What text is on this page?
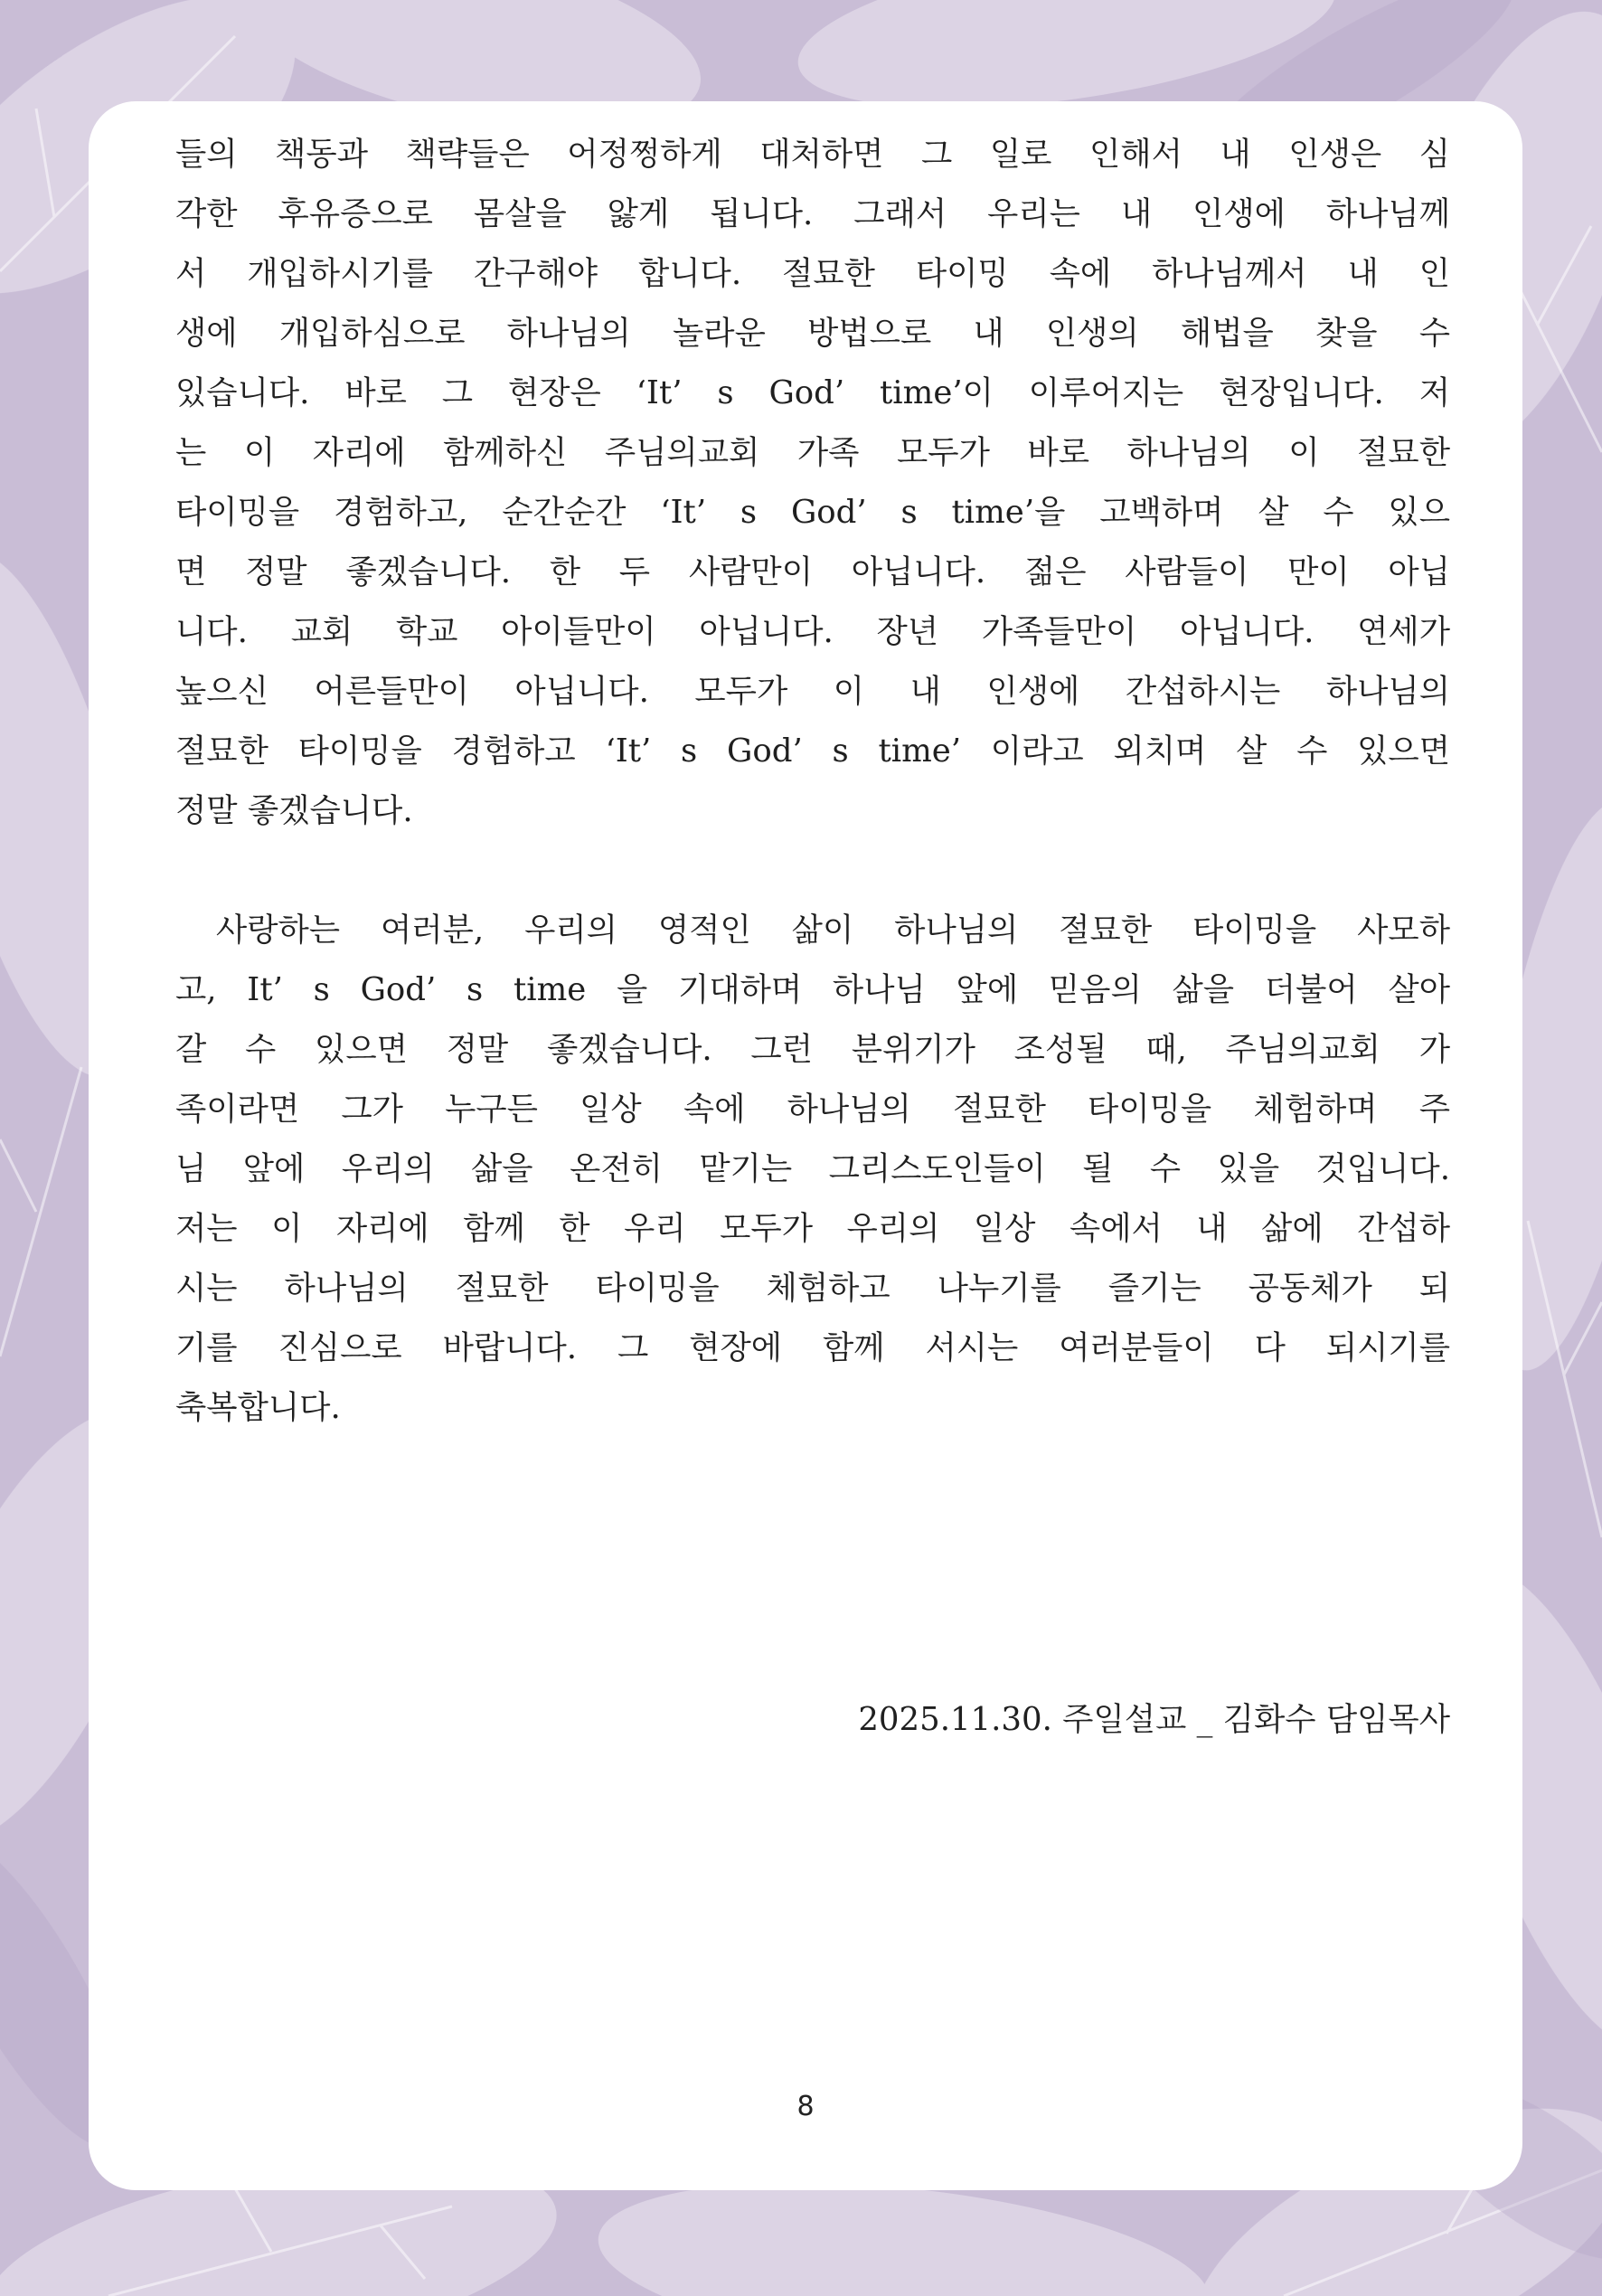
들의 책동과 책략들은 어정쩡하게 대처하면 그 일로 인해서 내 인생은 심
각한 후유증으로 몸살을 앓게 됩니다. 그래서 우리는 내 인생에 하나님께
서 개입하시기를 간구해야 합니다. 절묘한 타이밍 속에 하나님께서 내 인
생에 개입하심으로 하나님의 놀라운 방법으로 내 인생의 해법을 찾을 수
있습니다. 바로 그 현장은 ‘It’ s God’ time’이 이루어지는 현장입니다. 저
는 이 자리에 함께하신 주님의교회 가족 모두가 바로 하나님의 이 절묘한
타이밍을 경험하고, 순간순간 ‘It’ s God’ s time’을 고백하며 살 수 있으
면 정말 좋겠습니다. 한 두 사람만이 아닙니다. 젊은 사람들이 만이 아닙
니다. 교회 학교 아이들만이 아닙니다. 장년 가족들만이 아닙니다. 연세가
높으신 어른들만이 아닙니다. 모두가 이 내 인생에 간섭하시는 하나님의
절묘한 타이밍을 경험하고 ‘It’ s God’ s time’ 이라고 외치며 살 수 있으면
정말 좋겠습니다.
사랑하는 여러분, 우리의 영적인 삶이 하나님의 절묘한 타이밍을 사모하
고, It’ s God’ s time 을 기대하며 하나님 앞에 믿음의 삶을 더불어 살아
갈 수 있으면 정말 좋겠습니다. 그런 분위기가 조성될 때, 주님의교회 가
족이라면 그가 누구든 일상 속에 하나님의 절묘한 타이밍을 체험하며 주
님 앞에 우리의 삶을 온전히 맡기는 그리스도인들이 될 수 있을 것입니다.
저는 이 자리에 함께 한 우리 모두가 우리의 일상 속에서 내 삶에 간섭하
시는 하나님의 절묘한 타이밍을 체험하고 나누기를 즐기는 공동체가 되
기를 진심으로 바랍니다. 그 현장에 함께 서시는 여러분들이 다 되시기를
축복합니다.
2025.11.30. 주일설교 _ 김화수 담임목사
8
